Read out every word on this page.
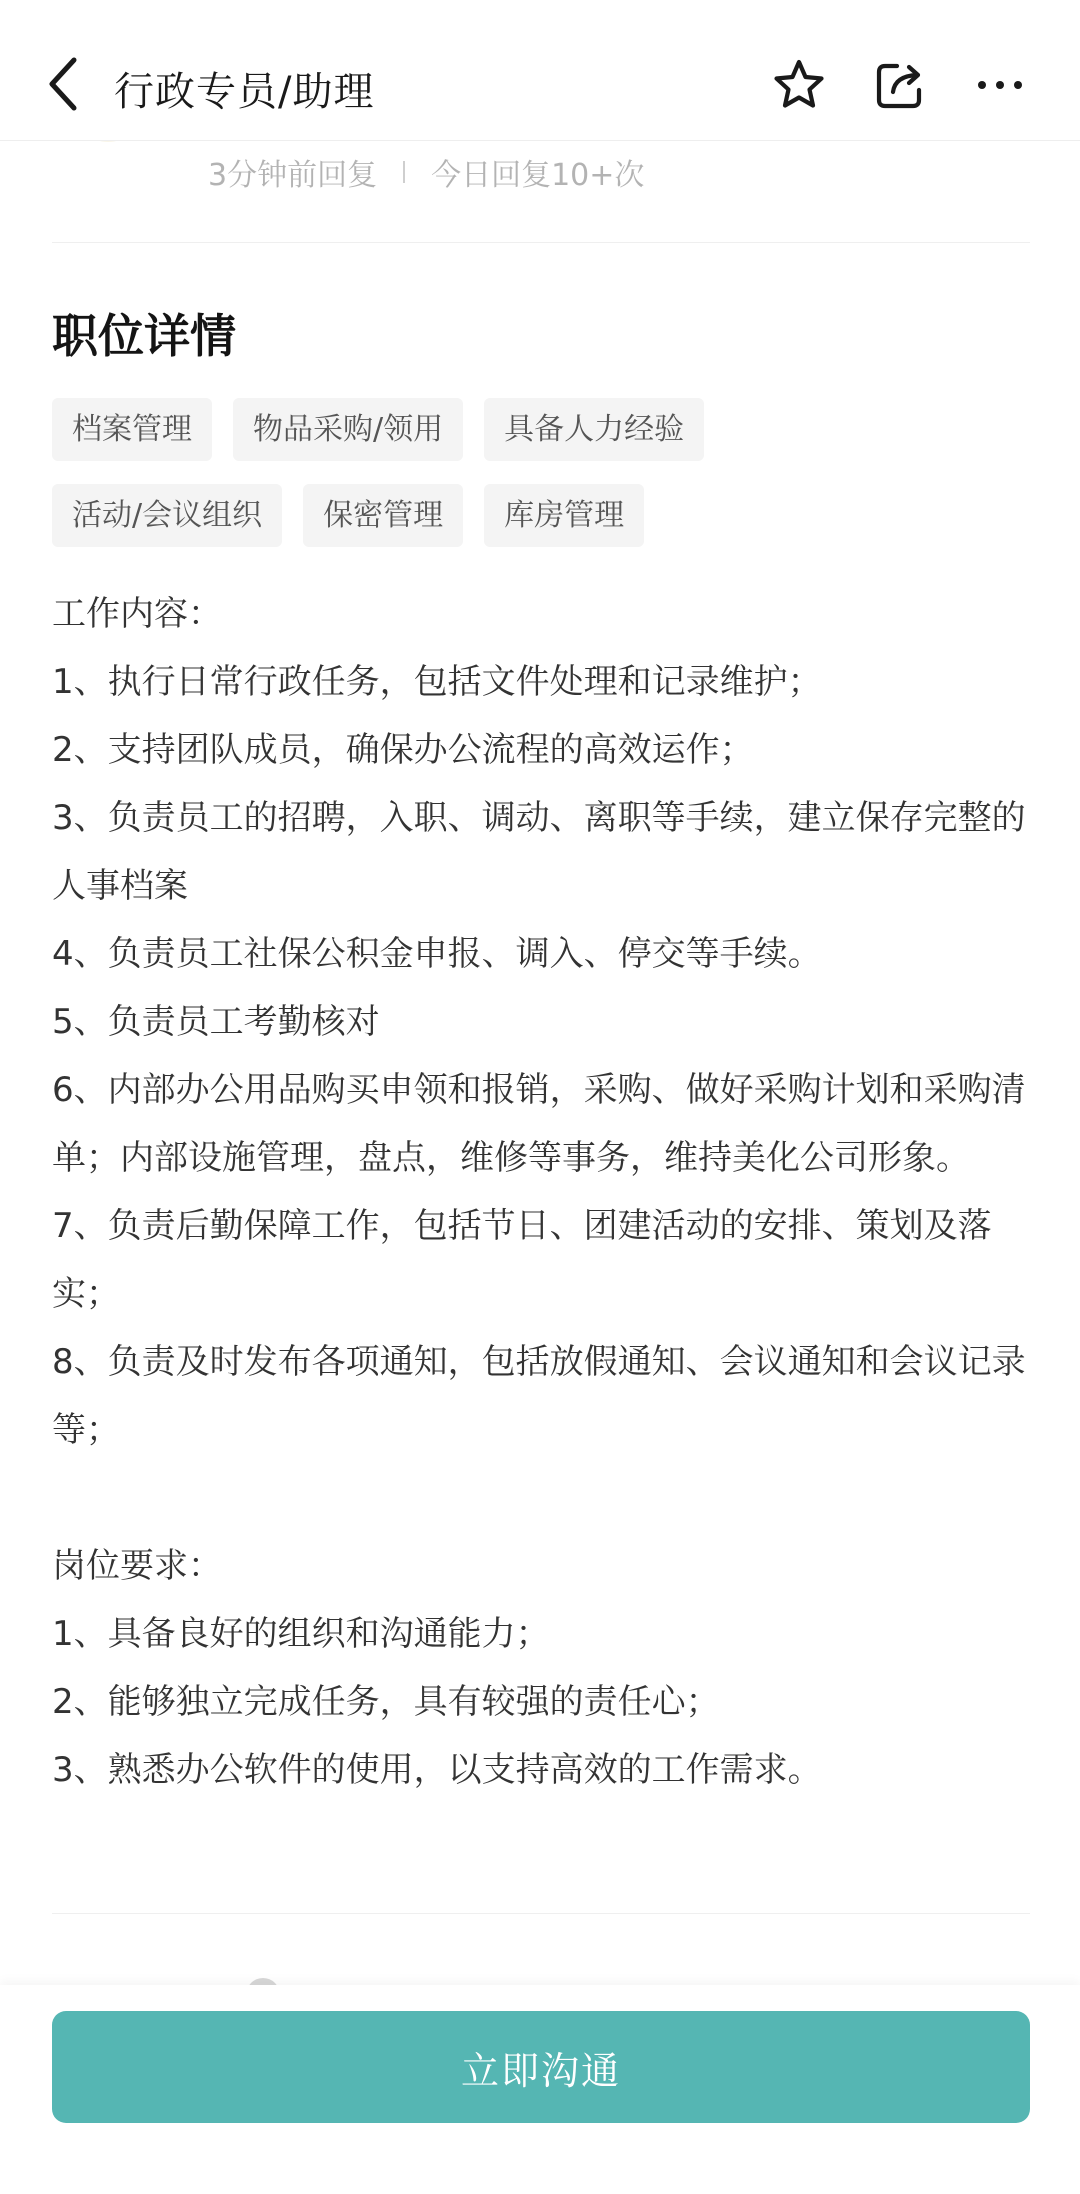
行政专员/助理
3分钟前回复 今日回复10+次
职位详情
档案管理	物品采购/领用	具备人力经验
活动/会议组织	保密管理	库房管理
工作内容：
1、执行日常行政任务，包括文件处理和记录维护；
2、支持团队成员，确保办公流程的高效运作；
3、负责员工的招聘，入职、调动、离职等手续，建立保存完整的人事档案
4、负责员工社保公积金申报、调入、停交等手续。
5、负责员工考勤核对
6、内部办公用品购买申领和报销，采购、做好采购计划和采购清单；内部设施管理，盘点，维修等事务，维持美化公司形象。
7、负责后勤保障工作，包括节日、团建活动的安排、策划及落实；
8、负责及时发布各项通知，包括放假通知、会议通知和会议记录等；

岗位要求：
1、具备良好的组织和沟通能力；
2、能够独立完成任务，具有较强的责任心；
3、熟悉办公软件的使用，以支持高效的工作需求。
立即沟通
